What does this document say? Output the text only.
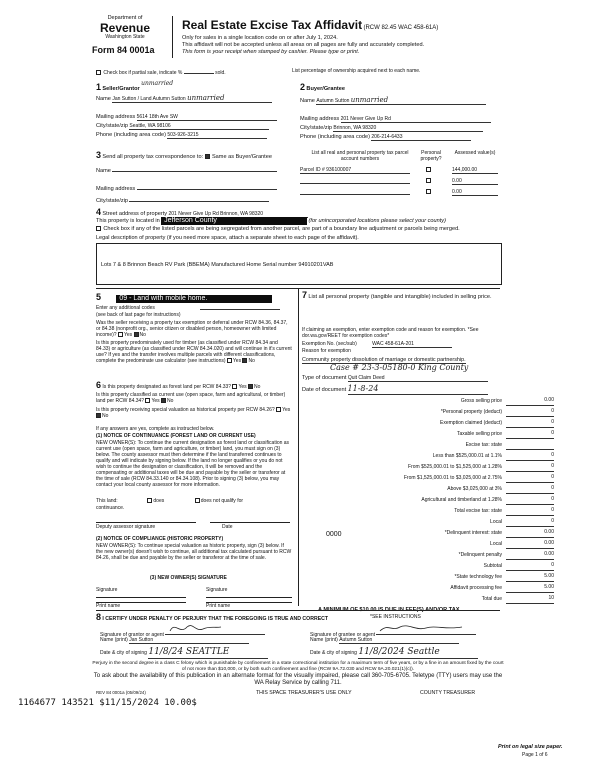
Department of
Revenue
Washington State
Form 84 0001a
Real Estate Excise Tax Affidavit (RCW 82.45 WAC 458-61A)
Only for sales in a single location code on or after July 1, 2024.
This affidavit will not be accepted unless all areas on all pages are fully and accurately completed.
This form is your receipt when stamped by cashier. Please type or print.
Check box if partial sale, indicate %	sold.	List percentage of ownership acquired next to each name.
1 Seller/Grantor unmarried
Name Jan Sutton / Land Autumn Sutton unmarried
Mailing address 5614 18th Ave SW
City/state/zip Seattle, WA 98106
Phone (including area code) 503-926-3215
2 Buyer/Grantee
Name Autumn Sutton unmarried
Mailing address 201 Never Give Up Rd
City/state/zip Brinnon, WA 98320
Phone (including area code) 206-214-6433
3 Send all property tax correspondence to: Same as Buyer/Grantee
Name
Mailing address
City/state/zip
List all real and personal property tax parcel account numbers
Personal property?
Assessed value(s)
Parcel ID # 936100007	144,000.00
0.00
0.00
4 Street address of property 201 Never Give Up Rd Brinnon, WA 98320
This property is located in Jefferson County	(for unincorporated locations please select your county)
Check box if any of the listed parcels are being segregated from another parcel, are part of a boundary line adjustment or parcels being merged.
Legal description of property (if you need more space, attach a separate sheet to each page of the affidavit).
Lots 7 & 8 Brinnon Beach RV Park (BBEMA) Manufactured Home Serial number 94910201VAB
5	09 - Land with mobile home.
Enter any additional codes
(see back of last page for instructions)
Was the seller receiving a property tax exemption or deferral under RCW 84.36, 84.37, or 84.38 (nonprofit org., senior citizen or disabled person, homeowner with limited income)? Yes No
Is this property predominately used for timber (as classified under RCW 84.34 and 84.33) or agriculture (as classified under RCW 84.34.020) and will continue in it's current use? If yes and the transfer involves multiple parcels with different classifications, complete the predominate use calculator (see instructions) Yes No
6 Is this property designated as forest land per RCW 84.33? Yes No
Is this property classified as current use (open space, farm and agricultural, or timber) land per RCW 84.34? Yes No
Is this property receiving special valuation as historical property per RCW 84.26? Yes No
If any answers are yes, complete as instructed below.
(1) NOTICE OF CONTINUANCE (FOREST LAND OR CURRENT USE)
NEW OWNER(S): To continue the current designation as forest land or classification as current use (open space, farm and agriculture, or timber) land, you must sign on (3) below. The county assessor must then determine if the land transferred continues to qualify and will indicate by signing below. If the land no longer qualifies or you do not wish to continue the designation or classification, it will be removed and the compensating or additional taxes will be due and payable by the seller or transferor at the time of sale (RCW 84.33.140 or 84.34.108). Prior to signing (3) below, you may contact your local county assessor for more information.
This land:	does	does not qualify for
continuance.
Deputy assessor signature	Date
(2) NOTICE OF COMPLIANCE (HISTORIC PROPERTY)
NEW OWNER(S): To continue special valuation as historic property, sign (3) below. If the new owner(s) doesn't wish to continue, all additional tax calculated pursuant to RCW 84.26, shall be due and payable by the seller or transferor at the time of sale.
(3) NEW OWNER(S) SIGNATURE
Signature	Signature
Print name	Print name
7 List all personal property (tangible and intangible) included in selling price.
If claiming an exemption, enter exemption code and reason for exemption. *See dor.wa.gov/REET for exemption codes*
Exemption No. (sec/sub)	WAC 458-61A-201
Reason for exemption
Community property dissolution of marriage or domestic partnership.
Case # 23-3-05180-0 King County
Type of document Quit Claim Deed
Date of document 11-8-24
Gross selling price	0.00
*Personal property (deduct)	0
Exemption claimed (deduct)	0
Taxable selling price	0
Excise tax: state
Less than $525,000.01 at 1.1%	0
From $525,000.01 to $1,525,000 at 1.28%	0
From $1,525,000.01 to $3,025,000 at 2.75%	0
Above $3,025,000 at 3%	0
Agricultural and timberland at 1.28%	0
Total excise tax: state	0
Local	0
*Delinquent interest: state	0.00
Local	0.00
*Delinquent penalty	0.00
Subtotal	0
*State technology fee	5.00
Affidavit processing fee	5.00
Total due	10
0000
A MINIMUM OF $10.00 IS DUE IN FEE(S) AND/OR TAX
*SEE INSTRUCTIONS
8 I CERTIFY UNDER PENALTY OF PERJURY THAT THE FOREGOING IS TRUE AND CORRECT
Signature of grantor or agent	Signature of grantee or agent
Name (print) Jan Sutton	Name (print) Autumn Sutton
Date & city of signing 11/8/24 SEATTLE	Date & city of signing 11/8/2024 Seattle
Perjury in the second degree is a class C felony which is punishable by confinement in a state correctional institution for a maximum term of five years, or by a fine in an amount fixed by the court of not more than $10,000, or by both such confinement and fine (RCW 9A.72.030 and RCW 9A.20.021(1)(c)).
To ask about the availability of this publication in an alternate format for the visually impaired, please call 360-705-6705. Teletype (TTY) users may use the WA Relay Service by calling 711.
REV 84 0001a (05/09/24)	THIS SPACE TREASURER'S USE ONLY	COUNTY TREASURER
1164677 143521 $11/15/2024 10.00$
Print on legal size paper.
Page 1 of 6
